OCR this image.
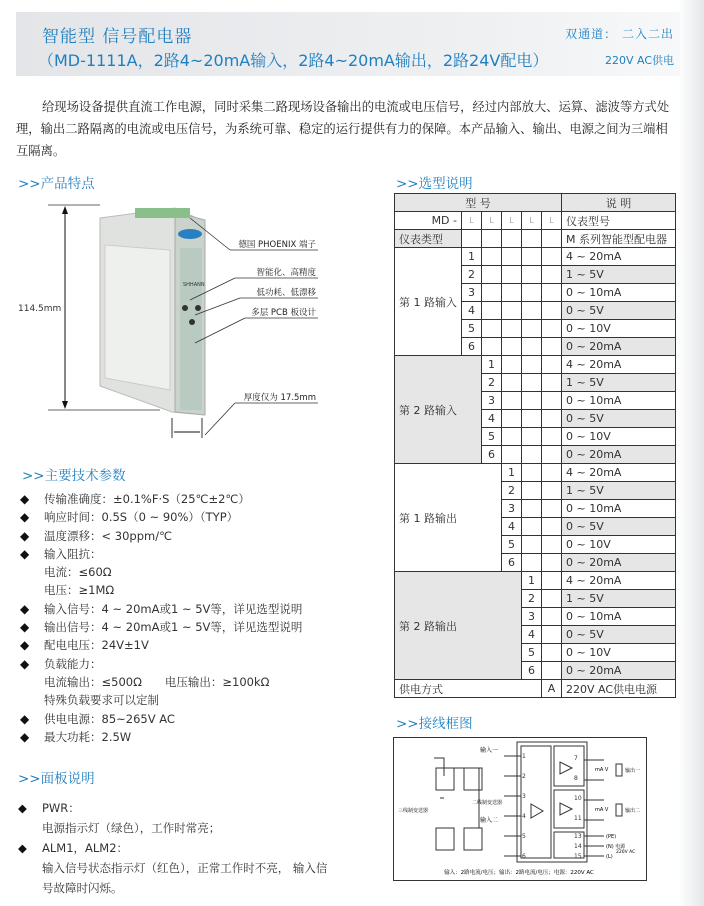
智能型 信号配电器
（MD-1111A，2路4~20mA输入，2路4~20mA输出，2路24V配电）
双通道： 二入二出
220V AC供电

给现场设备提供直流工作电源，同时采集二路现场设备输出的电流或电压信号，经过内部放大、运算、滤波等方式处理，输出二路隔离的电流或电压信号，为系统可靠、稳定的运行提供有力的保障。本产品输入、输出、电源之间为三端相互隔离。

>>产品特点	>>选型说明
>>主要技术参数
>>面板说明
>>接线框图
114.5mm
德国 PHOENIX 端子
智能化、高精度
低功耗、低漂移
多层 PCB 板设计
厚度仅为 17.5mm
SHHANN
◆ 传输准确度：±0.1%F·S（25℃±2℃）
◆ 响应时间：0.5S（0 ~ 90%）（TYP）
◆ 温度漂移：< 30ppm/℃
◆ 输入阻抗：
电流：≤60Ω
电压：≥1MΩ
◆ 输入信号：4 ~ 20mA或1 ~ 5V等，详见选型说明
◆ 输出信号：4 ~ 20mA或1 ~ 5V等，详见选型说明
◆ 配电电压：24V±1V
◆ 负载能力：
电流输出：≤500Ω　　电压输出：≥100kΩ
特殊负载要求可以定制
◆ 供电电源：85~265V AC
◆ 最大功耗：2.5W
◆ PWR：
电源指示灯（绿色），工作时常亮；
◆ ALM1，ALM2：
输入信号状态指示灯（红色），正常工作时不亮， 输入信号故障时闪烁。
型 号						说 明
MD -	L	L	L	L	L	仪表型号
仪表类型						M 系列智能型配电器
第 1 路输入	1					4 ~ 20mA
	2					1 ~ 5V
	3					0 ~ 10mA
	4					0 ~ 5V
	5					0 ~ 10V
	6					0 ~ 20mA
第 2 路输入		1				4 ~ 20mA
		2				1 ~ 5V
		3				0 ~ 10mA
		4				0 ~ 5V
		5				0 ~ 10V
		6				0 ~ 20mA
第 1 路输出			1			4 ~ 20mA
			2			1 ~ 5V
			3			0 ~ 10mA
			4			0 ~ 5V
			5			0 ~ 10V
			6			0 ~ 20mA
第 2 路输出				1		4 ~ 20mA
				2		1 ~ 5V
				3		0 ~ 10mA
				4		0 ~ 5V
				5		0 ~ 10V
				6		0 ~ 20mA
供电方式					A	220V AC供电电源
1
2
3
4
5
6
7
8
10
11
13
14
15
输入一
输入二
二线制变送器
三线制变送器
输出一
输出二
mA V
mA V
(PE)
(N) 电源
(L)
220V AC
输入：2路电流/电压；输出：2路电流/电压；电源：220V AC
